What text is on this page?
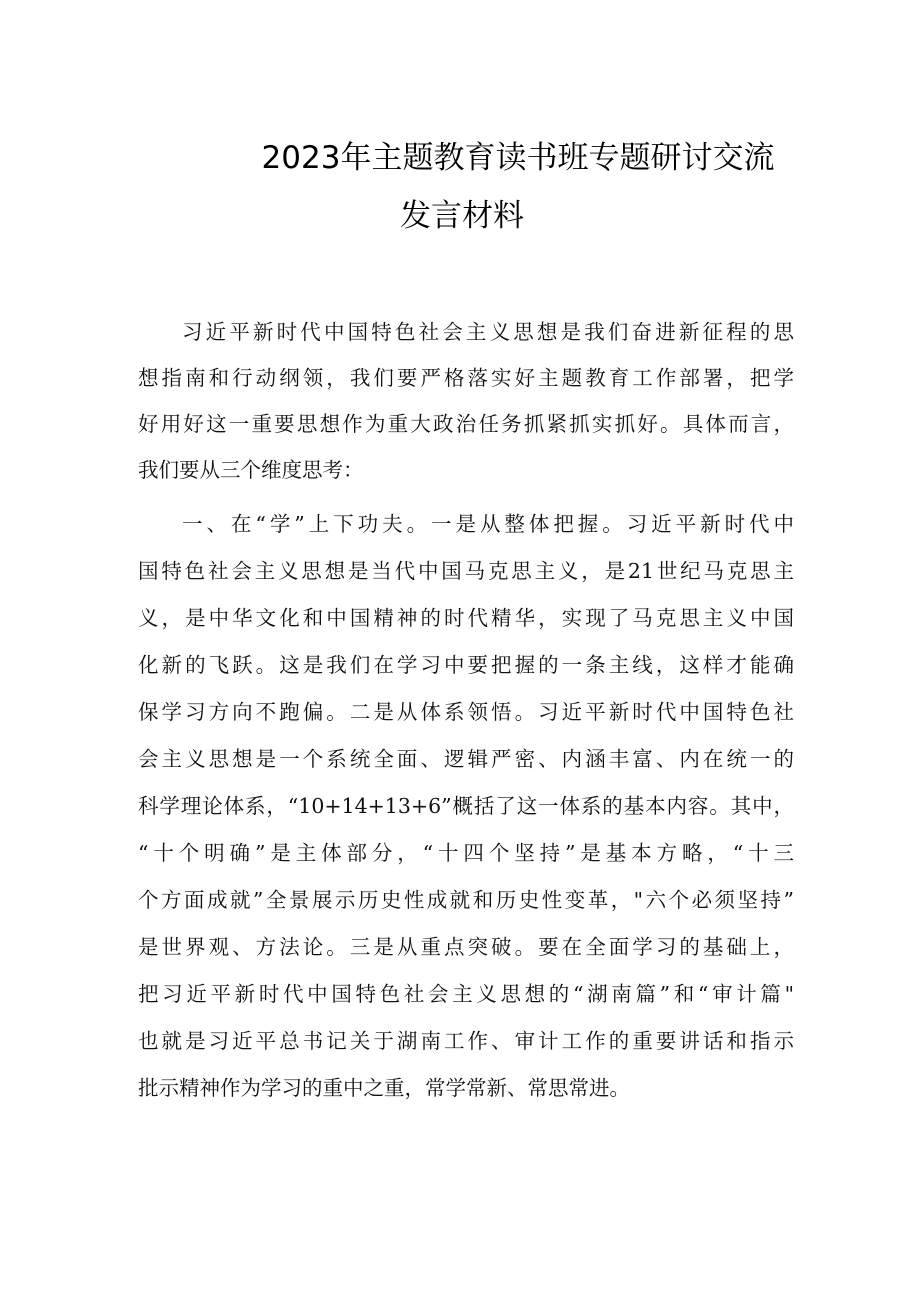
2023年主题教育读书班专题研讨交流
发言材料
习近平新时代中国特色社会主义思想是我们奋进新征程的思
想指南和行动纲领，我们要严格落实好主题教育工作部署，把学
好用好这一重要思想作为重大政治任务抓紧抓实抓好。具体而言，
我们要从三个维度思考：
一、在“学”上下功夫。一是从整体把握。习近平新时代中
国特色社会主义思想是当代中国马克思主义，是21世纪马克思主
义，是中华文化和中国精神的时代精华，实现了马克思主义中国
化新的飞跃。这是我们在学习中要把握的一条主线，这样才能确
保学习方向不跑偏。二是从体系领悟。习近平新时代中国特色社
会主义思想是一个系统全面、逻辑严密、内涵丰富、内在统一的
科学理论体系，“10+14+13+6”概括了这一体系的基本内容。其中，
“十个明确”是主体部分，“十四个坚持”是基本方略，“十三
个方面成就”全景展示历史性成就和历史性变革，"六个必须坚持”
是世界观、方法论。三是从重点突破。要在全面学习的基础上，
把习近平新时代中国特色社会主义思想的“湖南篇”和“审计篇"
也就是习近平总书记关于湖南工作、审计工作的重要讲话和指示
批示精神作为学习的重中之重，常学常新、常思常进。
